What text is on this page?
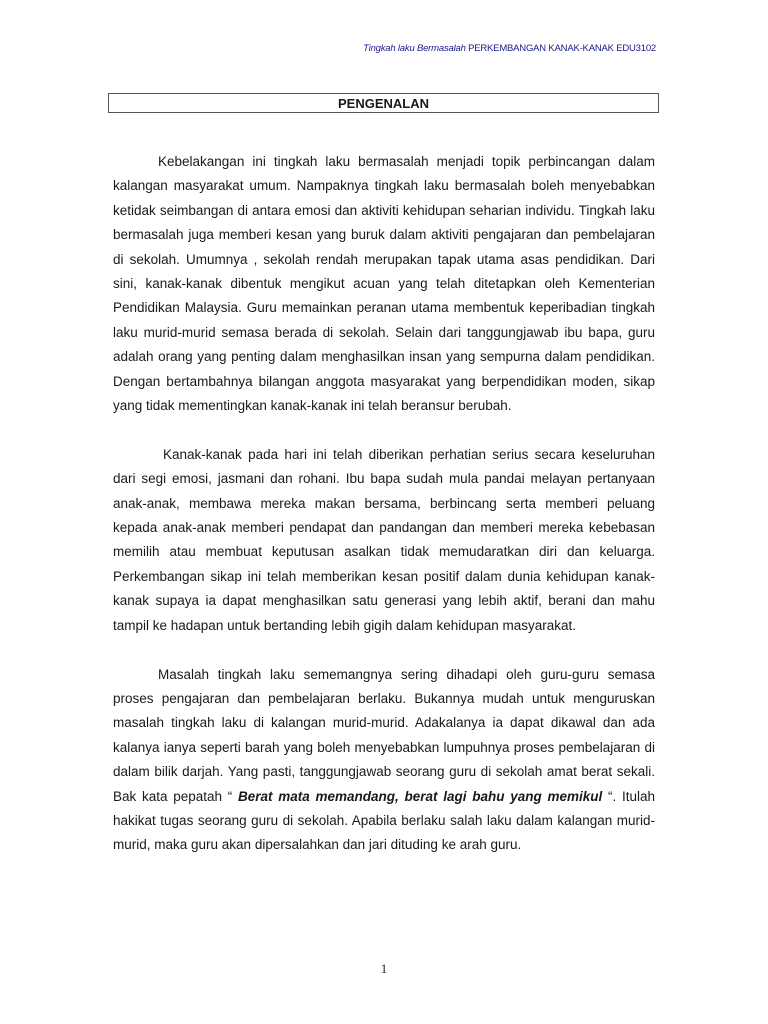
Tingkah laku Bermasalah PERKEMBANGAN KANAK-KANAK EDU3102
PENGENALAN

Kebelakangan ini tingkah laku bermasalah menjadi topik perbincangan dalam kalangan masyarakat umum. Nampaknya tingkah laku bermasalah boleh menyebabkan ketidak seimbangan di antara emosi dan aktiviti kehidupan seharian individu. Tingkah laku bermasalah juga memberi kesan yang buruk dalam aktiviti pengajaran dan pembelajaran di sekolah. Umumnya , sekolah rendah merupakan tapak utama asas pendidikan. Dari sini, kanak-kanak dibentuk mengikut acuan yang telah ditetapkan oleh Kementerian Pendidikan Malaysia. Guru memainkan peranan utama membentuk keperibadian tingkah laku murid-murid semasa berada di sekolah. Selain dari tanggungjawab ibu bapa, guru adalah orang yang penting dalam menghasilkan insan yang sempurna dalam pendidikan. Dengan bertambahnya bilangan anggota masyarakat yang berpendidikan moden, sikap yang tidak mementingkan kanak-kanak ini telah beransur berubah.

Kanak-kanak pada hari ini telah diberikan perhatian serius secara keseluruhan dari segi emosi, jasmani dan rohani. Ibu bapa sudah mula pandai melayan pertanyaan anak-anak, membawa mereka makan bersama, berbincang serta memberi peluang kepada anak-anak memberi pendapat dan pandangan dan memberi mereka kebebasan memilih atau membuat keputusan asalkan tidak memudaratkan diri dan keluarga. Perkembangan sikap ini telah memberikan kesan positif dalam dunia kehidupan kanak-kanak supaya ia dapat menghasilkan satu generasi yang lebih aktif, berani dan mahu tampil ke hadapan untuk bertanding lebih gigih dalam kehidupan masyarakat.

Masalah tingkah laku sememangnya sering dihadapi oleh guru-guru semasa proses pengajaran dan pembelajaran berlaku. Bukannya mudah untuk menguruskan masalah tingkah laku di kalangan murid-murid. Adakalanya ia dapat dikawal dan ada kalanya ianya seperti barah yang boleh menyebabkan lumpuhnya proses pembelajaran di dalam bilik darjah. Yang pasti, tanggungjawab seorang guru di sekolah amat berat sekali. Bak kata pepatah “ Berat mata memandang, berat lagi bahu yang memikul “. Itulah hakikat tugas seorang guru di sekolah. Apabila berlaku salah laku dalam kalangan murid-murid, maka guru akan dipersalahkan dan jari dituding ke arah guru.

1
